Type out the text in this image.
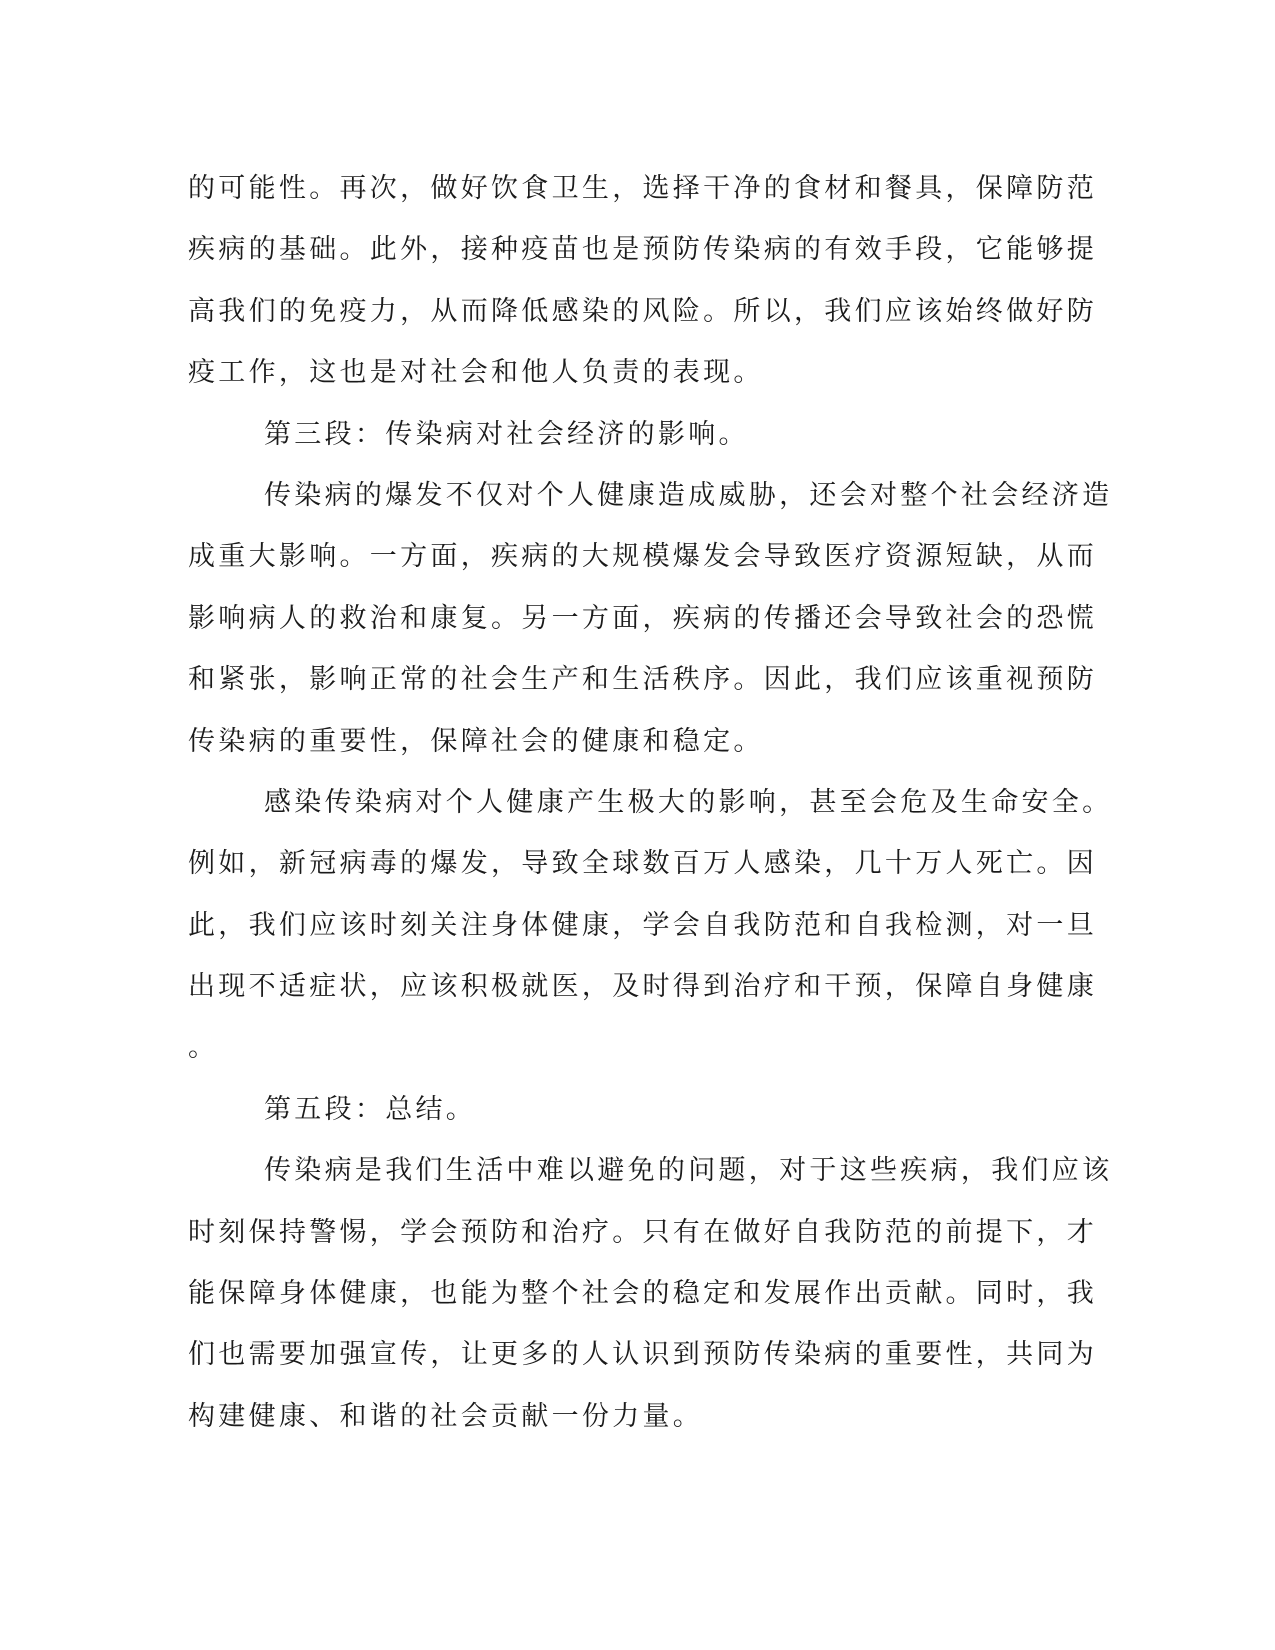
的可能性。再次，做好饮食卫生，选择干净的食材和餐具，保障防范
疾病的基础。此外，接种疫苗也是预防传染病的有效手段，它能够提
高我们的免疫力，从而降低感染的风险。所以，我们应该始终做好防
疫工作，这也是对社会和他人负责的表现。
第三段：传染病对社会经济的影响。
传染病的爆发不仅对个人健康造成威胁，还会对整个社会经济造
成重大影响。一方面，疾病的大规模爆发会导致医疗资源短缺，从而
影响病人的救治和康复。另一方面，疾病的传播还会导致社会的恐慌
和紧张，影响正常的社会生产和生活秩序。因此，我们应该重视预防
传染病的重要性，保障社会的健康和稳定。
感染传染病对个人健康产生极大的影响，甚至会危及生命安全。
例如，新冠病毒的爆发，导致全球数百万人感染，几十万人死亡。因
此，我们应该时刻关注身体健康，学会自我防范和自我检测，对一旦
出现不适症状，应该积极就医，及时得到治疗和干预，保障自身健康
。
第五段：总结。
传染病是我们生活中难以避免的问题，对于这些疾病，我们应该
时刻保持警惕，学会预防和治疗。只有在做好自我防范的前提下，才
能保障身体健康，也能为整个社会的稳定和发展作出贡献。同时，我
们也需要加强宣传，让更多的人认识到预防传染病的重要性，共同为
构建健康、和谐的社会贡献一份力量。
